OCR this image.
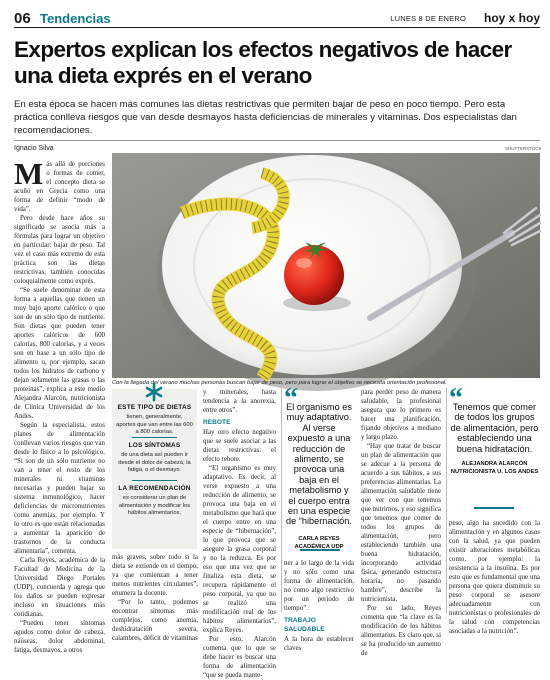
06 Tendencias	LUNES 8 DE ENERO hoy x hoy
Expertos explican los efectos negativos de hacer una dieta exprés en el verano

En esta época se hacen más comunes las dietas restrictivas que permiten bajar de peso en poco tiempo. Pero esta práctica conlleva riesgos que van desde desmayos hasta deficiencias de minerales y vitaminas. Dos especialistas dan recomendaciones.

Ignacio Silva	SHUTTERSTOCK

Con la llegada del verano muchas personas buscan bajar de peso, pero para lograr el objetivo se necesita orientación profesional.

Más allá de porciones o formas de comer, el concepto dieta se acuñó en Grecia como una forma de definir “modo de vida”.

Pero desde hace años su significado se asocia más a fórmulas para lograr un objetivo en particular: bajar de peso. Tal vez el caso más extremo de esta práctica son las dietas restrictivas, también conocidas coloquialmente como exprés.

“Se suele denominar de esta forma a aquellas que tienen un muy bajo aporte calórico o que son de un sólo tipo de nutriente. Son dietas que pueden tener aportes calóricos de 600 calorías, 800 calorías, y a veces son en base a un sólo tipo de alimento o, por ejemplo, sacan todos los hidratos de carbono y dejan solamente las grasas o las proteínas”, explica a este medio Alejandra Alarcón, nutricionista de Clínica Universidad de los Andes.

Según la especialista, estos planes de alimentación conllevan varios riesgos que van desde lo físico a lo psicológico. “Si son de un sólo nutriente no van a tener el resto de los minerales ni vitaminas necesarias y pueden bajar su sistema inmunológico, hacer deficiencias de micronutrientes como anemias, por ejemplo. Y lo otro es que están relacionadas a aumentar la aparición de trastornos de la conducta alimentaria”, comenta.

Carla Reyes, académica de la Facultad de Medicina de la Universidad Diego Portales (UDP), concuerda y agrega que los daños se pueden expresar incluso en situaciones más cotidianas.

“Pueden tener síntomas agudos como dolor de cabeza, náuseas, dolor abdominal, fatiga, desmayos, a otros

ESTE TIPO DE DIETAS
tienen, generalmente, aportes que van entre las 600 a 800 calorías.
LOS SÍNTOMAS
de una dieta así pueden ir desde el dolor de cabeza, la fatiga, o el desmayo.
LA RECOMENDACIÓN
es considerar un plan de alimentación y modificar los hábitos alimentarios.

más graves, sobre todo si la dieta se extiende en el tiempo, ya que comienzan a tener menos nutrientes circulantes”, enumera la docente.

“Por lo tanto, podemos encontrar síntomas más complejos, como anemia, deshidratación severa, calambres, déficit de vitaminas

y minerales, hasta tendencia a la anorexia, entre otros”.

REBOTE

Hay otro efecto negativo que se suele asociar a las dietas restrictivas: el efecto rebote.

“El organismo es muy adaptativo. Es decir, al verse expuesto a una reducción de alimento, se provoca una baja en el metabolismo que hará que el cuerpo entre en una especie de “hibernación”, lo que provoca que se asegure la grasa corporal y no la reduzca. Es por eso que una vez que se finaliza esta dieta, se recupera rápidamente el peso corporal, ya que no se realizó una modificación real de los hábitos alimentarios”, explica Reyes.

Por esto, Alarcón comenta que lo que se debe hacer es buscar una forma de alimentación “que se pueda mante-

“
El organismo es muy adaptativo. Al verse expuesto a una reducción de alimento, se provoca una baja en el metabolismo y el cuerpo entra en una especie de “hibernación.
CARLA REYES
ACADÉMICA UDP

ner a lo largo de la vida y no sólo como una forma de alimentación, no como algo restrictivo por un periodo de tiempo”.

TRABAJO SALUDABLE

A la hora de establecer claves

para perder peso de manera saludable, la profesional asegura que lo primero es hacer una planificación, fijando objetivos a mediano y largo plazo.

“Hay que tratar de buscar un plan de alimentación que se adecue a la persona de acuerdo a sus hábitos, a sus preferencias alimentarias. La alimentación saludable tiene que ver con que tenemos que nutrirnos, y eso significa que tenemos que comer de todos los grupos de alimentación, pero estableciendo también una buena hidratación, incorporando actividad física, generando estructura horaria, no pasando hambre”, describe la nutricionista.

Por su lado, Reyes comenta que “la clave es la modificación de los hábitos alimentarios. Es claro que, si se ha producido un aumento de

“
Tenemos que comer de todos los grupos de alimentación, pero estableciendo una buena hidratación.
ALEJANDRA ALARCÓN
NUTRICIONISTA U. LOS ANDES

peso, algo ha sucedido con la alimentación y en algunos casos con la salud, ya que pueden existir alteraciones metabólicas como, por ejemplo: la resistencia a la insulina. Es por esto que es fundamental que una persona que quiera disminuir su peso corporal se asesore adecuadamente con nutricionistas o profesionales de la salud con competencias asociadas a la nutrición”.
